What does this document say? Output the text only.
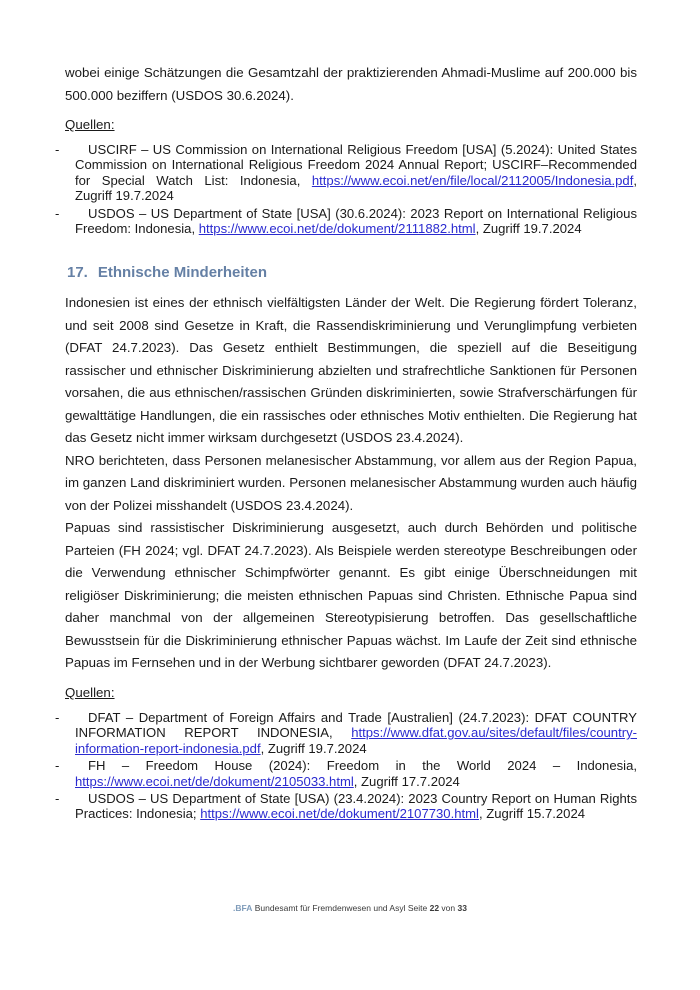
wobei einige Schätzungen die Gesamtzahl der praktizierenden Ahmadi-Muslime auf 200.000 bis 500.000 beziffern (USDOS 30.6.2024).

Quellen:

- USCIRF – US Commission on International Religious Freedom [USA] (5.2024): United States Commission on International Religious Freedom 2024 Annual Report; USCIRF–Recommended for Special Watch List: Indonesia, https://www.ecoi.net/en/file/local/2112005/Indonesia.pdf, Zugriff 19.7.2024
- USDOS – US Department of State [USA] (30.6.2024): 2023 Report on International Religious Freedom: Indonesia, https://www.ecoi.net/de/dokument/2111882.html, Zugriff 19.7.2024
17. Ethnische Minderheiten

Indonesien ist eines der ethnisch vielfältigsten Länder der Welt. Die Regierung fördert Toleranz, und seit 2008 sind Gesetze in Kraft, die Rassendiskriminierung und Verunglimpfung verbieten (DFAT 24.7.2023). Das Gesetz enthielt Bestimmungen, die speziell auf die Beseitigung rassischer und ethnischer Diskriminierung abzielten und strafrechtliche Sanktionen für Personen vorsahen, die aus ethnischen/rassischen Gründen diskriminierten, sowie Strafverschärfungen für gewalttätige Handlungen, die ein rassisches oder ethnisches Motiv enthielten. Die Regierung hat das Gesetz nicht immer wirksam durchgesetzt (USDOS 23.4.2024).

NRO berichteten, dass Personen melanesischer Abstammung, vor allem aus der Region Papua, im ganzen Land diskriminiert wurden. Personen melanesischer Abstammung wurden auch häufig von der Polizei misshandelt (USDOS 23.4.2024).

Papuas sind rassistischer Diskriminierung ausgesetzt, auch durch Behörden und politische Parteien (FH 2024; vgl. DFAT 24.7.2023). Als Beispiele werden stereotype Beschreibungen oder die Verwendung ethnischer Schimpfwörter genannt. Es gibt einige Überschneidungen mit religiöser Diskriminierung; die meisten ethnischen Papuas sind Christen. Ethnische Papua sind daher manchmal von der allgemeinen Stereotypisierung betroffen. Das gesellschaftliche Bewusstsein für die Diskriminierung ethnischer Papuas wächst. Im Laufe der Zeit sind ethnische Papuas im Fernsehen und in der Werbung sichtbarer geworden (DFAT 24.7.2023).

Quellen:

- DFAT – Department of Foreign Affairs and Trade [Australien] (24.7.2023): DFAT COUNTRY INFORMATION REPORT INDONESIA, https://www.dfat.gov.au/sites/default/files/country-information-report-indonesia.pdf, Zugriff 19.7.2024
- FH – Freedom House (2024): Freedom in the World 2024 – Indonesia, https://www.ecoi.net/de/dokument/2105033.html, Zugriff 17.7.2024
- USDOS – US Department of State [USA) (23.4.2024): 2023 Country Report on Human Rights Practices: Indonesia; https://www.ecoi.net/de/dokument/2107730.html, Zugriff 15.7.2024
.BFA Bundesamt für Fremdenwesen und Asyl Seite 22 von 33
